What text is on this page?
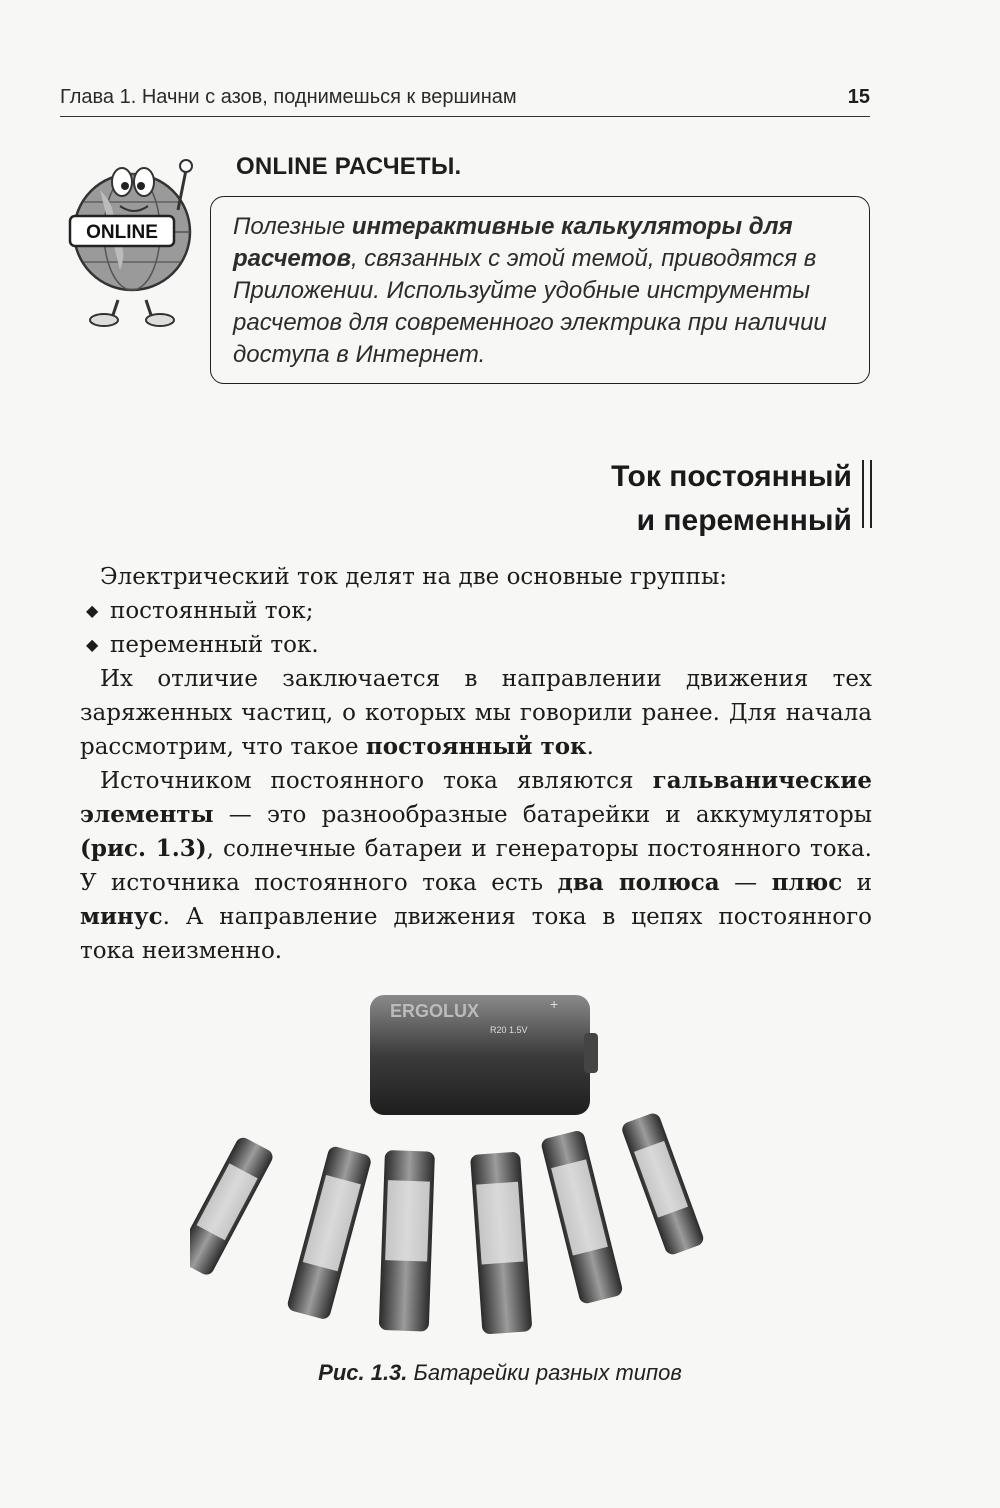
Глава 1. Начни с азов, поднимешься к вершинам	15
ONLINE
ONLINE РАСЧЕТЫ.

Полезные интерактивные калькуляторы для расчетов, связанных с этой темой, приводятся в Приложении. Используйте удобные инструменты расчетов для современного электрика при наличии доступа в Интернет.

Ток постоянный
и переменный

Электрический ток делят на две основные группы:

◆ постоянный ток;
◆ переменный ток.

Их отличие заключается в направлении движения тех заряженных частиц, о которых мы говорили ранее. Для начала рассмотрим, что такое постоянный ток.

Источником постоянного тока являются гальванические элементы — это разнообразные батарейки и аккумуляторы (рис. 1.3), солнечные батареи и генераторы постоянного тока. У источника постоянного тока есть два полюса — плюс и минус. А направление движения тока в цепях постоянного тока неизменно.

ERGOLUX
R20 1.5V
+
Рис. 1.3. Батарейки разных типов
